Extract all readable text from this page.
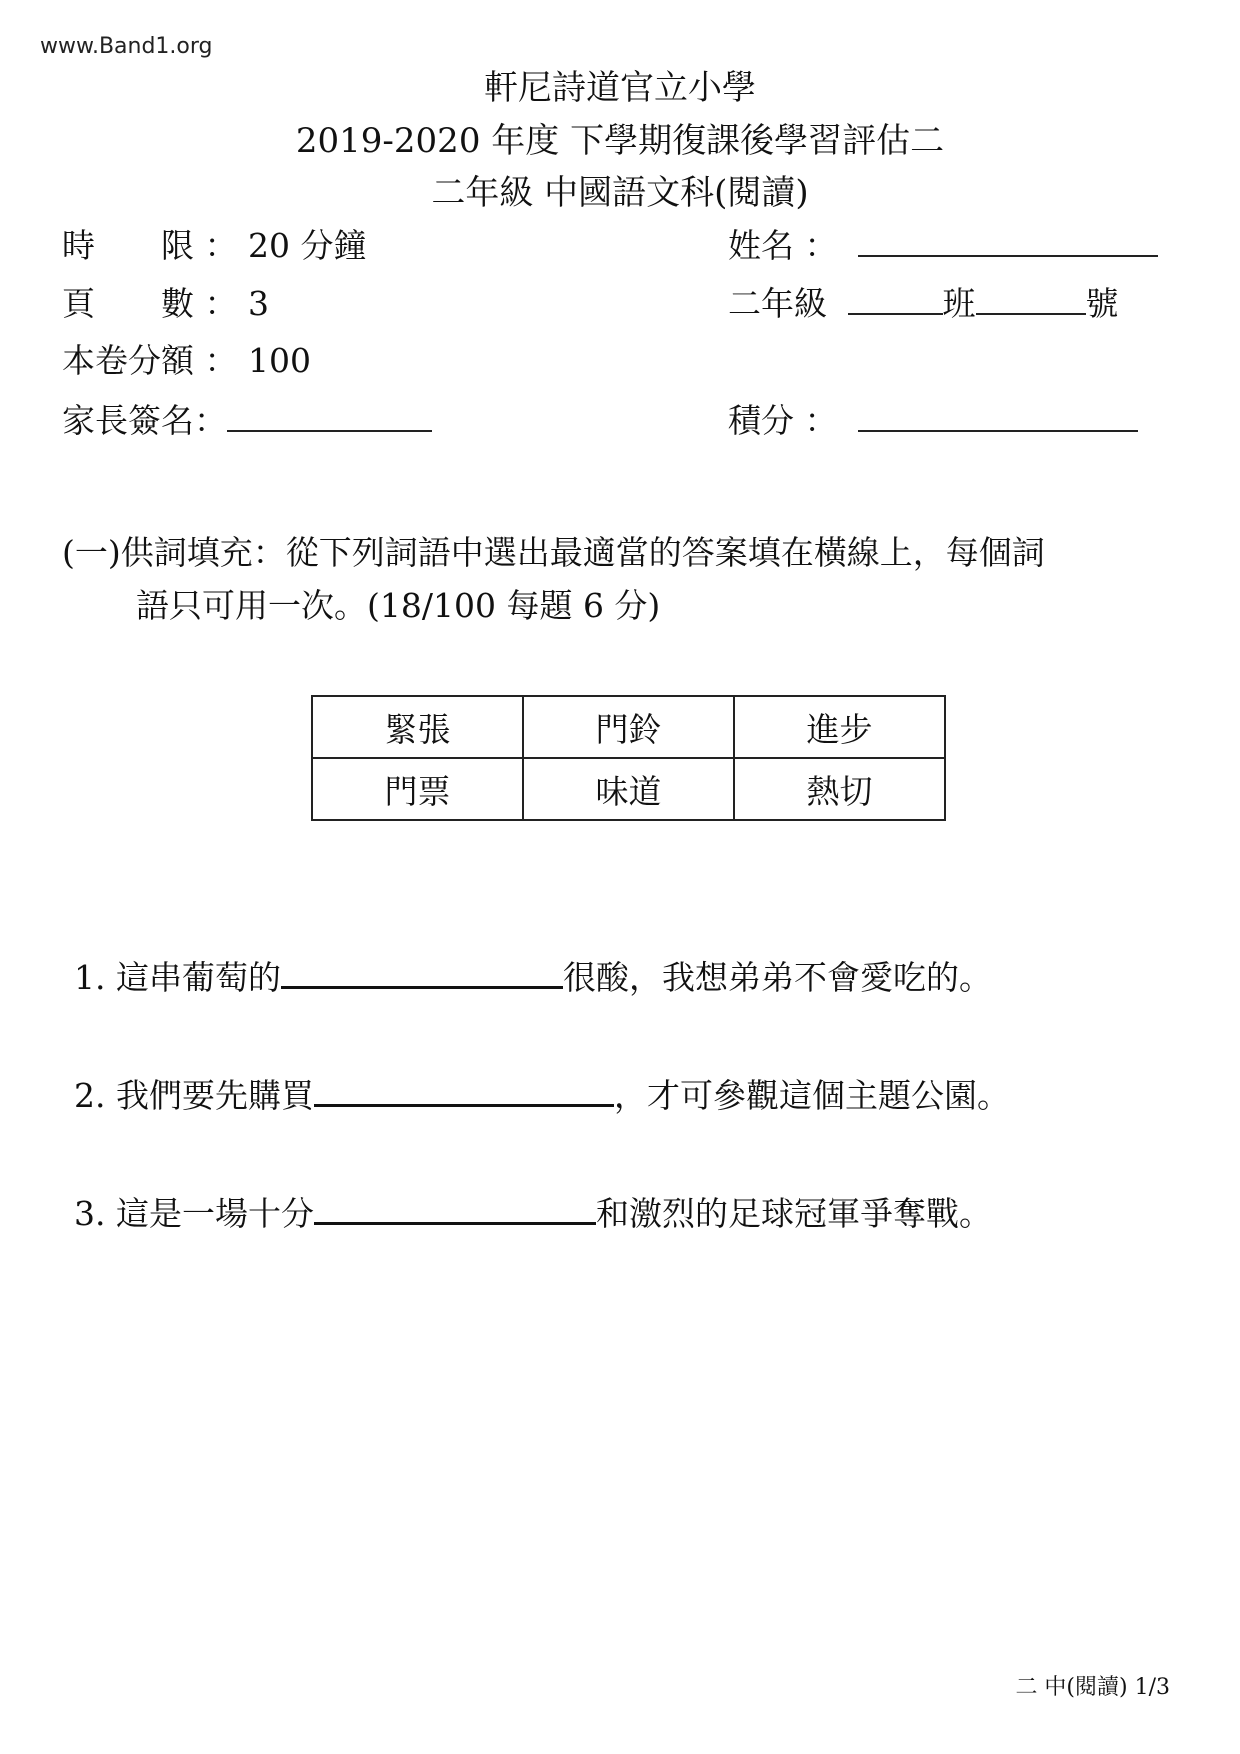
www.Band1.org
軒尼詩道官立小學
2019-2020 年度 下學期復課後學習評估二
二年級 中國語文科(閱讀)
時　　限 ： 20 分鐘
頁　　數 ： 3
本卷分額 ： 100
家長簽名：
姓名 ：
二年級	班	號
積分 ：
(一)供詞填充：從下列詞語中選出最適當的答案填在橫線上，每個詞
語只可用一次。(18/100 每題 6 分)
緊張	門鈴	進步
門票	味道	熱切
1. 這串葡萄的	很酸，我想弟弟不會愛吃的。
2. 我們要先購買	，才可參觀這個主題公園。
3. 這是一場十分	和激烈的足球冠軍爭奪戰。
二 中(閱讀) 1/3
